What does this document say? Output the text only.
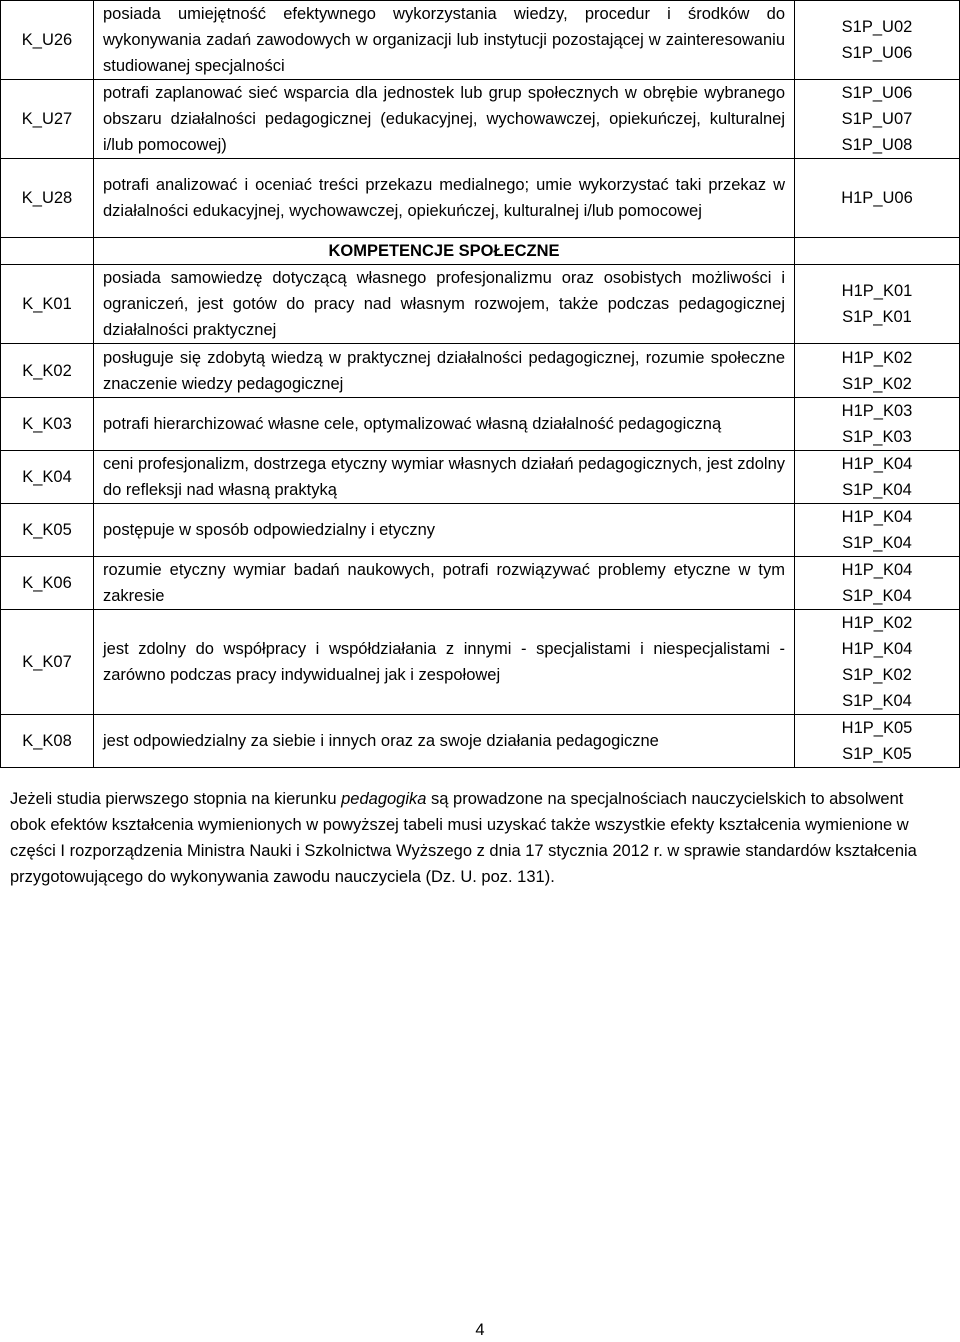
K_U26	posiada umiejętność efektywnego wykorzystania wiedzy, procedur i środków do wykonywania zadań zawodowych w organizacji lub instytucji pozostającej w zainteresowaniu studiowanej specjalności	S1P_U02
S1P_U06

K_U27	potrafi zaplanować sieć wsparcia dla jednostek lub grup społecznych w obrębie wybranego obszaru działalności pedagogicznej (edukacyjnej, wychowawczej, opiekuńczej, kulturalnej i/lub pomocowej)	S1P_U06
S1P_U07
S1P_U08

K_U28	potrafi analizować i oceniać treści przekazu medialnego; umie wykorzystać taki przekaz w działalności edukacyjnej, wychowawczej, opiekuńczej, kulturalnej i/lub pomocowej	H1P_U06

	KOMPETENCJE SPOŁECZNE	
K_K01	posiada samowiedzę dotyczącą własnego profesjonalizmu oraz osobistych możliwości i ograniczeń, jest gotów do pracy nad własnym rozwojem, także podczas pedagogicznej działalności praktycznej	H1P_K01
S1P_K01

K_K02	posługuje się zdobytą wiedzą w praktycznej działalności pedagogicznej, rozumie społeczne znaczenie wiedzy pedagogicznej	H1P_K02
S1P_K02

K_K03	potrafi hierarchizować własne cele, optymalizować własną działalność pedagogiczną	H1P_K03
S1P_K03

K_K04	ceni profesjonalizm, dostrzega etyczny wymiar własnych działań pedagogicznych, jest zdolny do refleksji nad własną praktyką	H1P_K04
S1P_K04

K_K05	postępuje w sposób odpowiedzialny i etyczny	H1P_K04
S1P_K04

K_K06	rozumie etyczny wymiar badań naukowych, potrafi rozwiązywać problemy etyczne w tym zakresie	H1P_K04
S1P_K04

K_K07	jest zdolny do współpracy i współdziałania z innymi - specjalistami i niespecjalistami - zarówno podczas pracy indywidualnej jak i zespołowej	H1P_K02
H1P_K04
S1P_K02
S1P_K04

K_K08	jest odpowiedzialny za siebie i innych oraz za swoje działania pedagogiczne	H1P_K05
S1P_K05

Jeżeli studia pierwszego stopnia na kierunku pedagogika są prowadzone na specjalnościach nauczycielskich to absolwent obok efektów kształcenia wymienionych w powyższej tabeli musi uzyskać także wszystkie efekty kształcenia wymienione w części I rozporządzenia Ministra Nauki i Szkolnictwa Wyższego z dnia 17 stycznia 2012 r. w sprawie standardów kształcenia przygotowującego do wykonywania zawodu nauczyciela (Dz. U. poz. 131).

4
